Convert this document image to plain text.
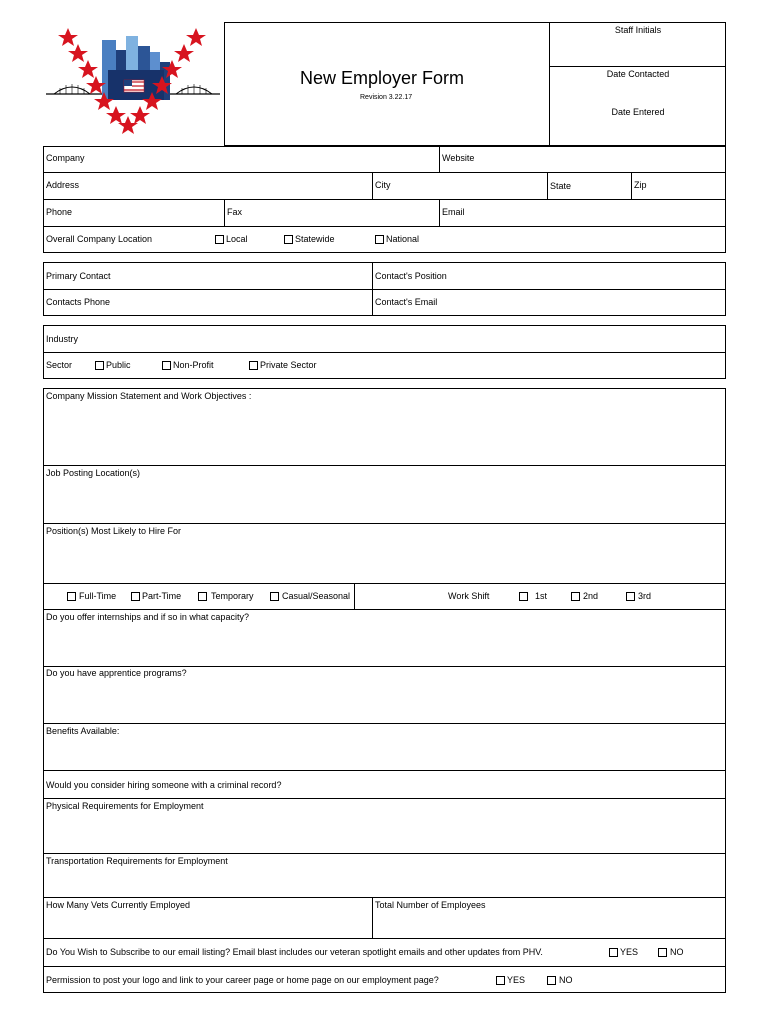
New Employer Form
Revision 3.22.17
Staff Initials
Date Contacted
Date Entered
Company	Website
Address	City	State	Zip
Phone	Fax	Email
Overall Company Location	Local	Statewide	National
Primary Contact	Contact's Position
Contacts Phone	Contact's Email
Industry
Sector	Public	Non-Profit	Private Sector
Company Mission Statement and Work Objectives :
Job Posting Location(s)
Position(s) Most Likely to Hire For
Full-Time	Part-Time	Temporary	Casual/Seasonal	Work Shift	1st	2nd	3rd
Do you offer internships and if so in what capacity?
Do you have apprentice programs?
Benefits Available:
Would you consider hiring someone with a criminal record?
Physical Requirements for Employment
Transportation Requirements for Employment
How Many Vets Currently Employed	Total Number of Employees
Do You Wish to Subscribe to our email listing? Email blast includes our veteran spotlight emails and other updates from PHV.	YES	NO
Permission to post your logo and link to your career page or home page on our employment page?	YES	NO
